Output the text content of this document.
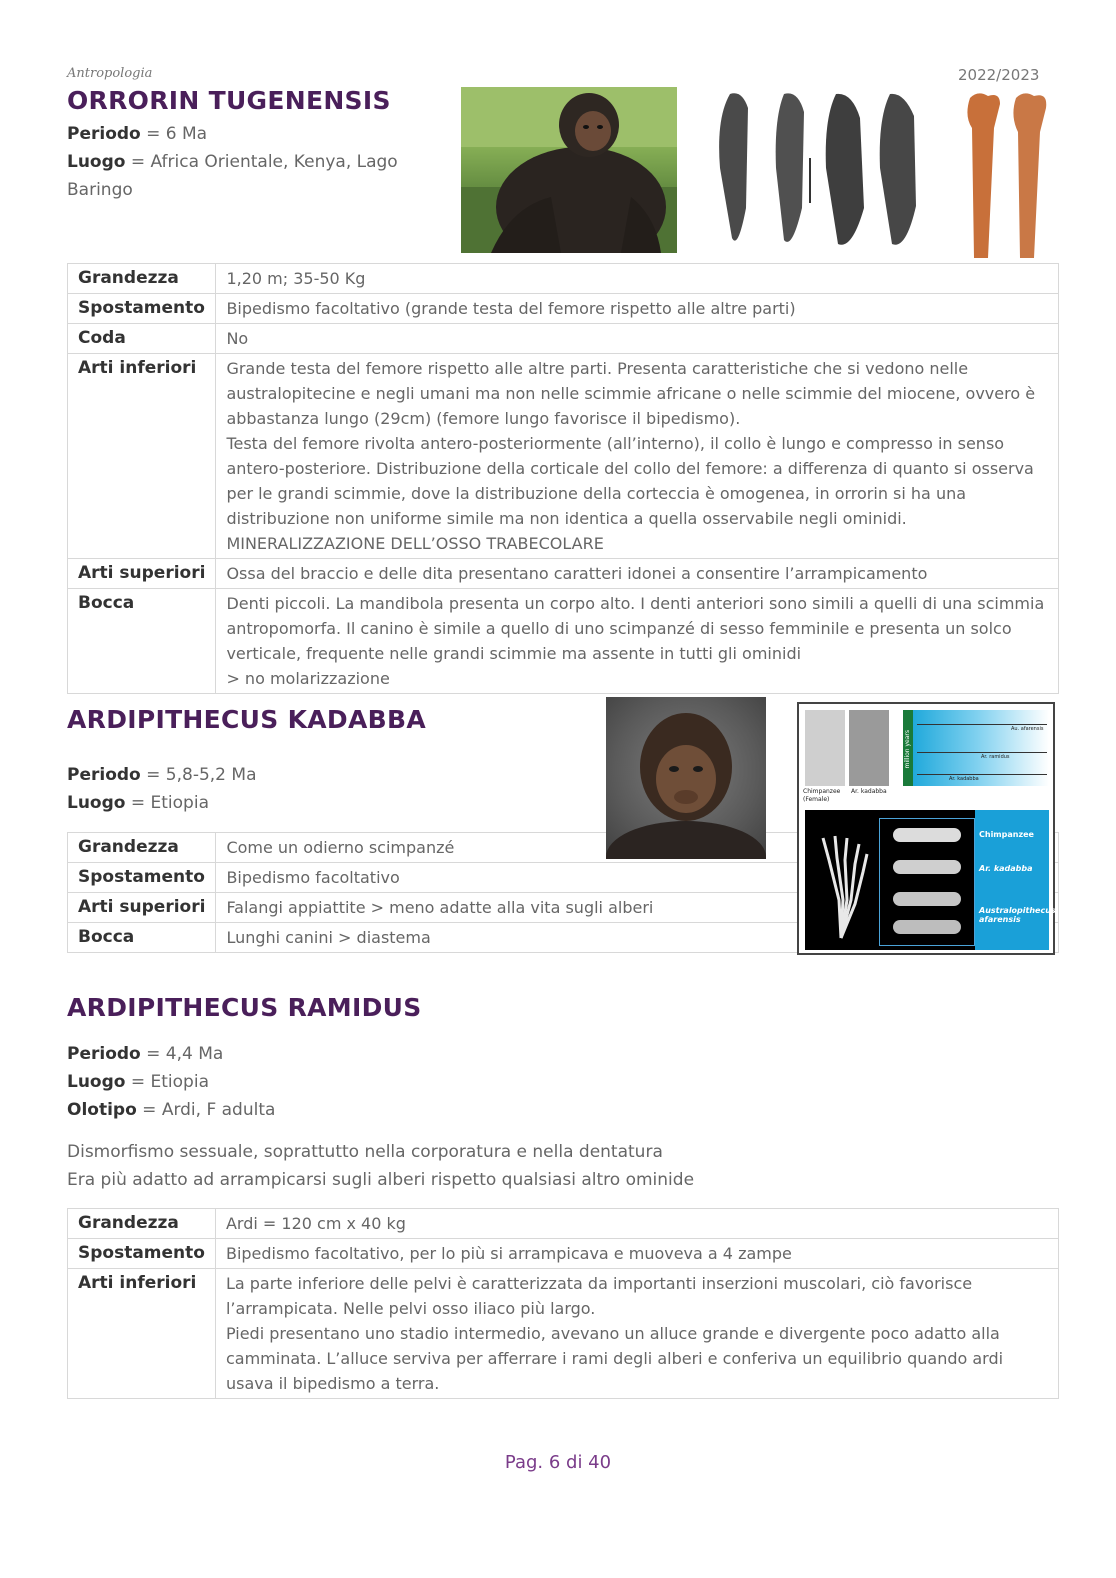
Antropologia	2022/2023
ORRORIN TUGENENSIS
Periodo = 6 Ma
Luogo = Africa Orientale, Kenya, Lago Baringo
Grandezza	1,20 m; 35-50 Kg
Spostamento	Bipedismo facoltativo (grande testa del femore rispetto alle altre parti)
Coda	No
Arti inferiori	Grande testa del femore rispetto alle altre parti. Presenta caratteristiche che si vedono nelle australopitecine e negli umani ma non nelle scimmie africane o nelle scimmie del miocene, ovvero è abbastanza lungo (29cm) (femore lungo favorisce il bipedismo).
Testa del femore rivolta antero-posteriormente (all’interno), il collo è lungo e compresso in senso antero-posteriore. Distribuzione della corticale del collo del femore: a differenza di quanto si osserva per le grandi scimmie, dove la distribuzione della corteccia è omogenea, in orrorin si ha una distribuzione non uniforme simile ma non identica a quella osservabile negli ominidi.
MINERALIZZAZIONE DELL’OSSO TRABECOLARE

Arti superiori	Ossa del braccio e delle dita presentano caratteri idonei a consentire l’arrampicamento
Bocca	Denti piccoli. La mandibola presenta un corpo alto. I denti anteriori sono simili a quelli di una scimmia antropomorfa. Il canino è simile a quello di uno scimpanzé di sesso femminile e presenta un solco verticale, frequente nelle grandi scimmie ma assente in tutti gli ominidi
> no molarizzazione
ARDIPITHECUS KADABBA
Periodo = 5,8-5,2 Ma
Luogo = Etiopia
Grandezza	Come un odierno scimpanzé
Spostamento	Bipedismo facoltativo
Arti superiori	Falangi appiattite > meno adatte alla vita sugli alberi
Bocca	Lunghi canini > diastema
Chimpanzee (Female)
Ar. kadabba
million years
Au. afarensis
Ar. ramidus
Ar. kadabba
Chimpanzee
Ar. kadabba
Australopithecus afarensis
ARDIPITHECUS RAMIDUS
Periodo = 4,4 Ma
Luogo = Etiopia
Olotipo = Ardi, F adulta
Dismorfismo sessuale, soprattutto nella corporatura e nella dentatura
Era più adatto ad arrampicarsi sugli alberi rispetto qualsiasi altro ominide
Grandezza	Ardi = 120 cm x 40 kg
Spostamento	Bipedismo facoltativo, per lo più si arrampicava e muoveva a 4 zampe
Arti inferiori	La parte inferiore delle pelvi è caratterizzata da importanti inserzioni muscolari, ciò favorisce l’arrampicata. Nelle pelvi osso iliaco più largo.
Piedi presentano uno stadio intermedio, avevano un alluce grande e divergente poco adatto alla camminata. L’alluce serviva per afferrare i rami degli alberi e conferiva un equilibrio quando ardi usava il bipedismo a terra.
Pag. 6 di 40
